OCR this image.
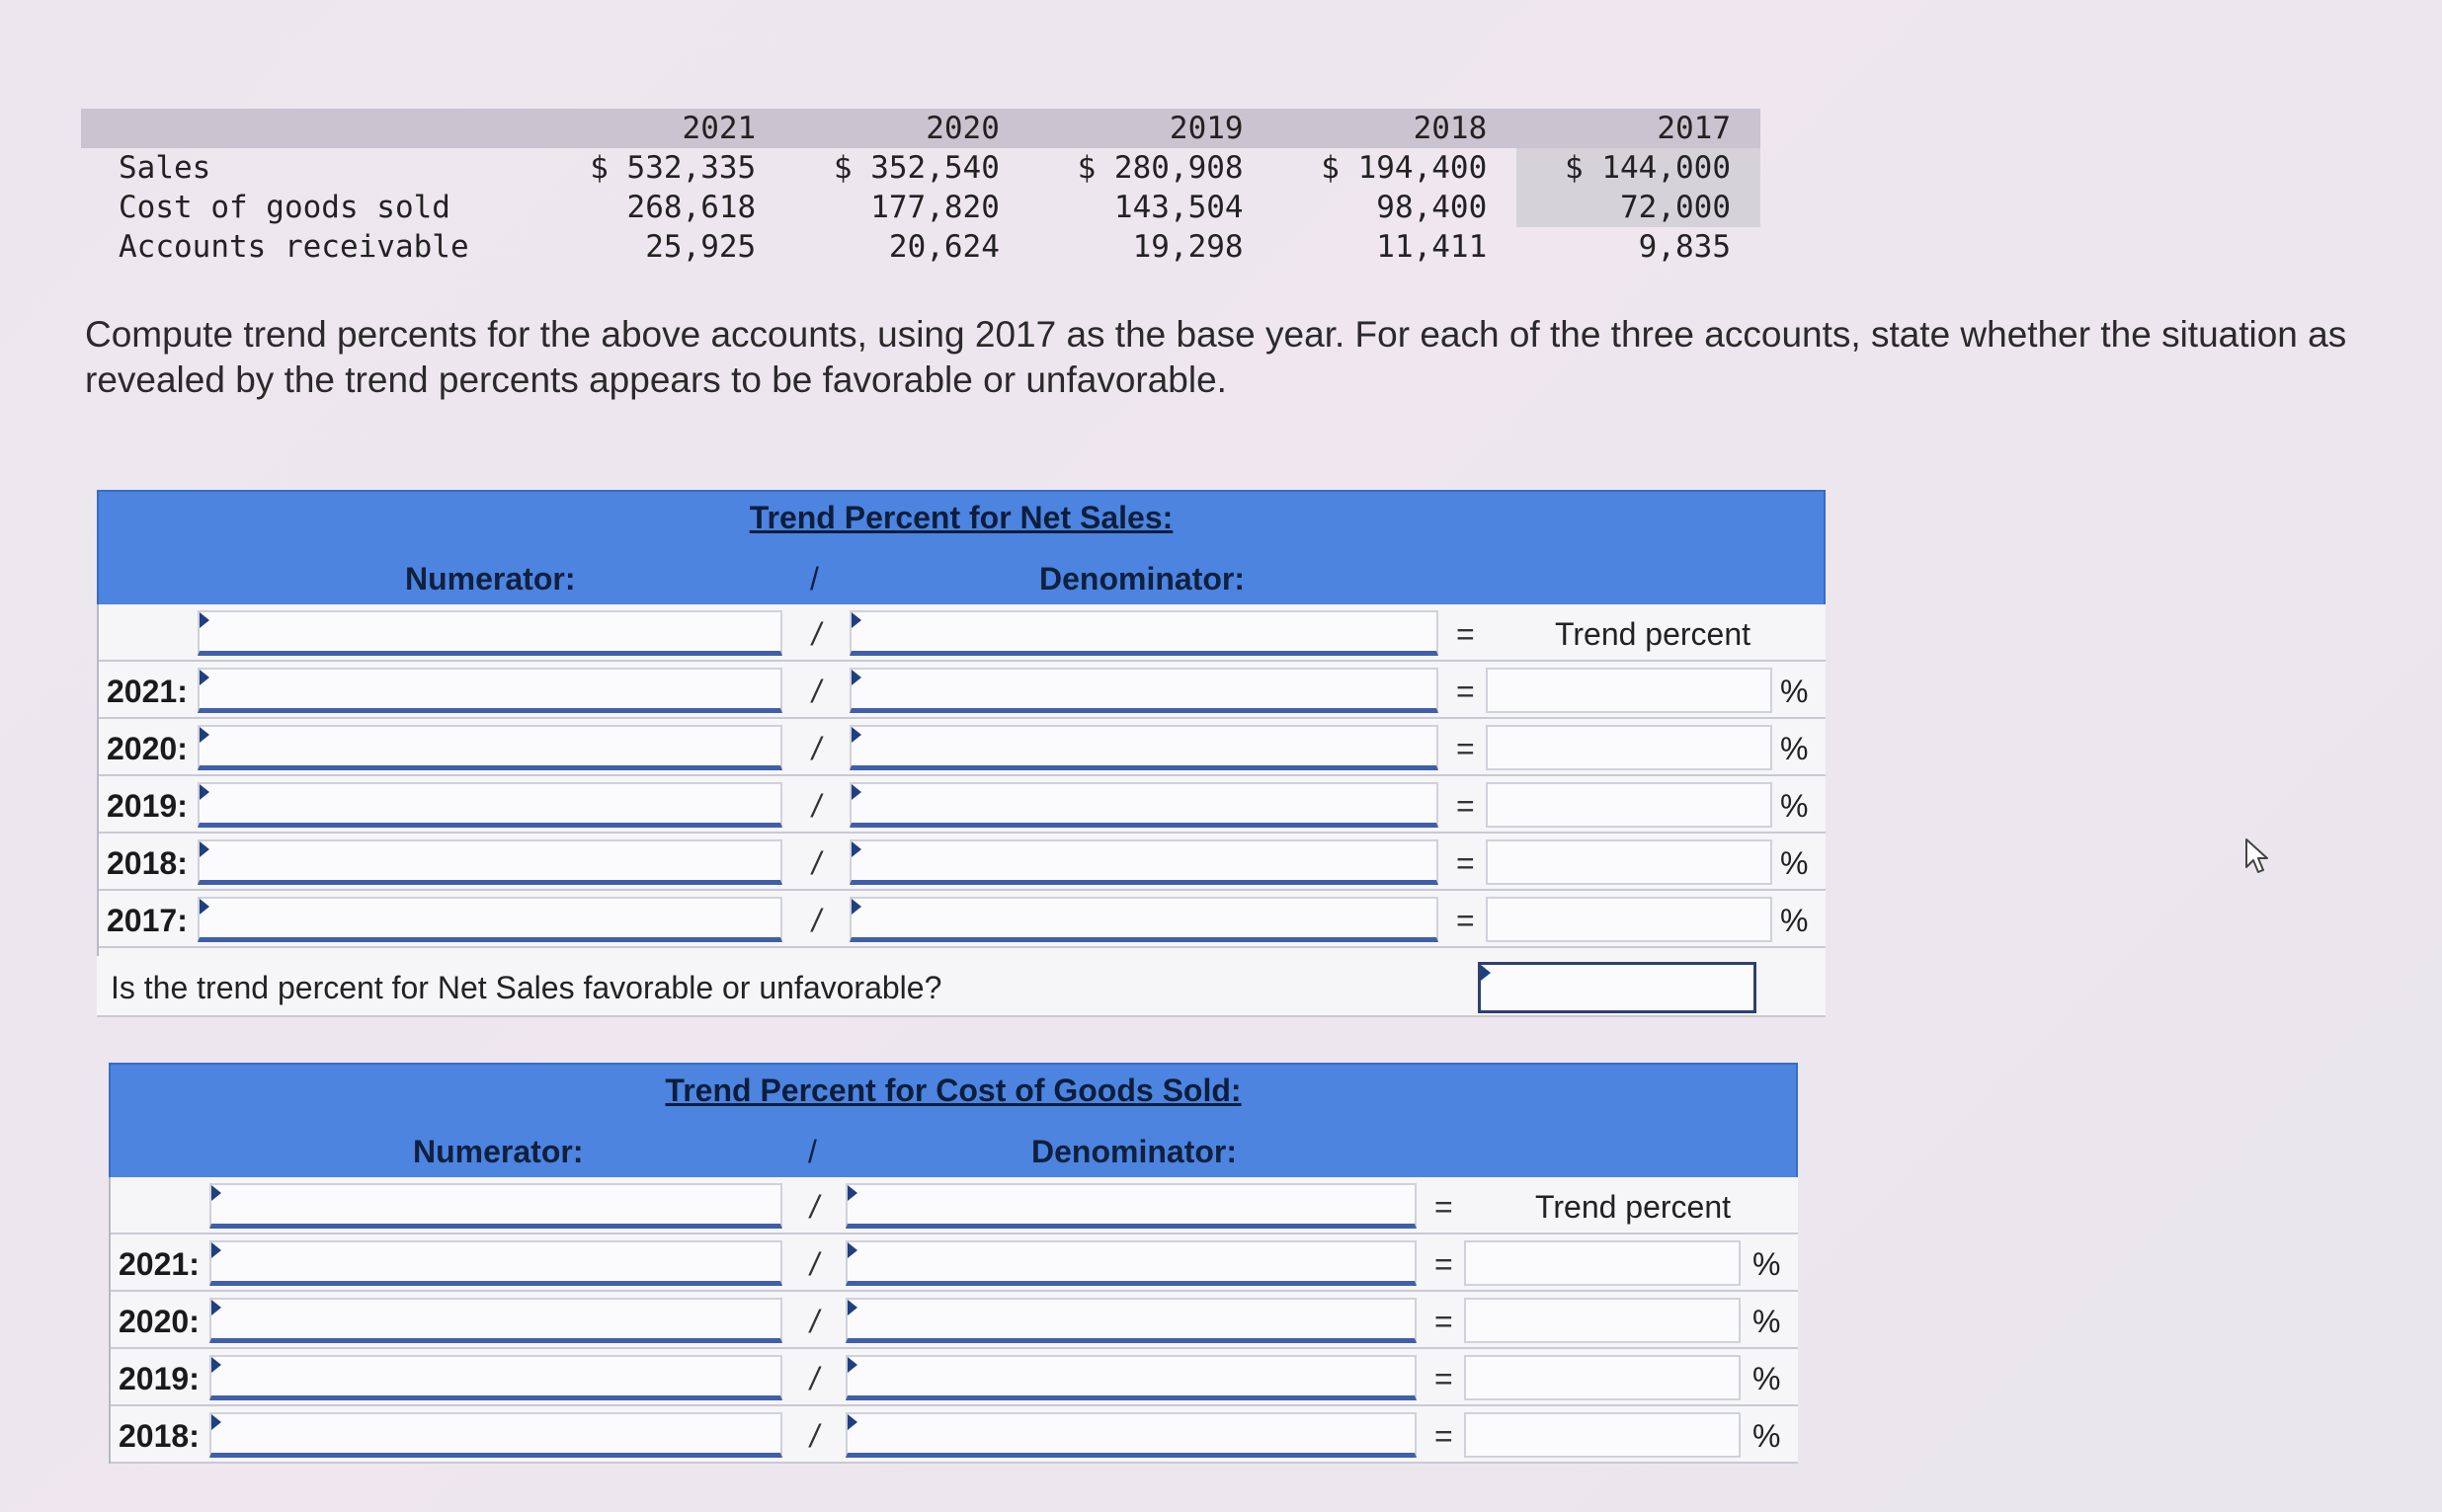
	2021	2020	2019	2018	2017
Sales	$ 532,335	$ 352,540	$ 280,908	$ 194,400	$ 144,000
Cost of goods sold	268,618	177,820	143,504	98,400	72,000
Accounts receivable	25,925	20,624	19,298	11,411	9,835
Compute trend percents for the above accounts, using 2017 as the base year. For each of the three accounts, state whether the situation as revealed by the trend percents appears to be favorable or unfavorable.
Trend Percent for Net Sales:
Numerator:	/	Denominator:
/	=	Trend percent
2021:	/	=	%
2020:	/	=	%
2019:	/	=	%
2018:	/	=	%
2017:	/	=	%
Is the trend percent for Net Sales favorable or unfavorable?
Trend Percent for Cost of Goods Sold:
Numerator:	/	Denominator:
/	=	Trend percent
2021:	/	=	%
2020:	/	=	%
2019:	/	=	%
2018:	/	=	%
